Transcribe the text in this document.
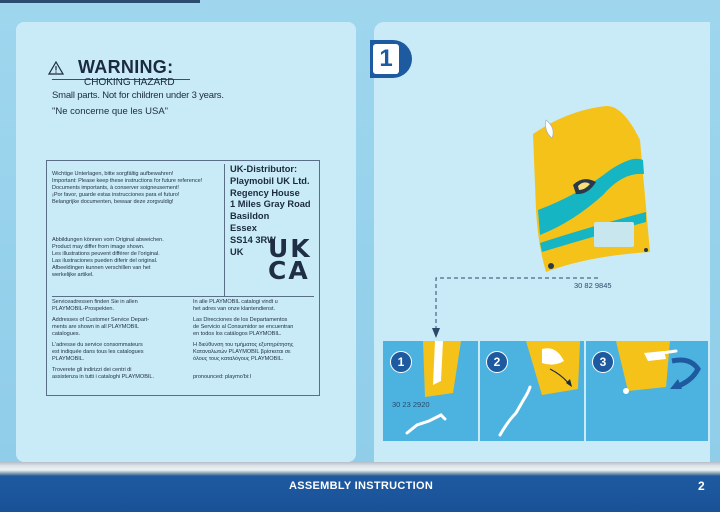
WARNING:
CHOKING HAZARD
Small parts. Not for children under 3 years.
"Ne concerne que les USA"
Wichtige Unterlagen, bitte sorgfältig aufbewahren!
Important: Please keep these instructions for future reference!
Documents importants, à conserver soigneusement!
¡Por favor, guarde estas instrucciones para el futuro!
Belangrijke documenten, bewaar deze zorgvuldig!
Abbildungen können vom Original abweichen.
Product may differ from image shown.
Les illustrations peuvent différer de l'original.
Las ilustraciones pueden diferir del original.
Afbeeldingen kunnen verschillen van het
werkelijke artikel.
UK-Distributor:
Playmobil UK Ltd.
Regency House
1 Miles Gray Road
Basildon
Essex
SS14 3RW
UK UK
CA
Serviceadressen finden Sie in allen
PLAYMOBIL-Prospekten.
Addresses of Customer Service Depart-
ments are shown in all PLAYMOBIL
catalogues.
L'adresse du service consommateurs
est indiquée dans tous les catalogues
PLAYMOBIL.
Troverete gli indirizzi dei centri di
assistenza in tutti i cataloghi PLAYMOBIL.
In alle PLAYMOBIL catalogi vindt u
het adres van onze klantendienst.
Las Direcciones de los Departamentos
de Servicio al Consumidor se encuentran
en todos los catálogos PLAYMOBIL.
Η διεύθυνση του τμήματος εξυπηρέτησης
Καταναλωτών PLAYMOBIL βρίσκεται σε
όλους τους καταλόγους PLAYMOBIL.
pronounced: playmo'bi:l
1
30 82 9845
1
30 23 2920
2	3
ASSEMBLY INSTRUCTION	2
